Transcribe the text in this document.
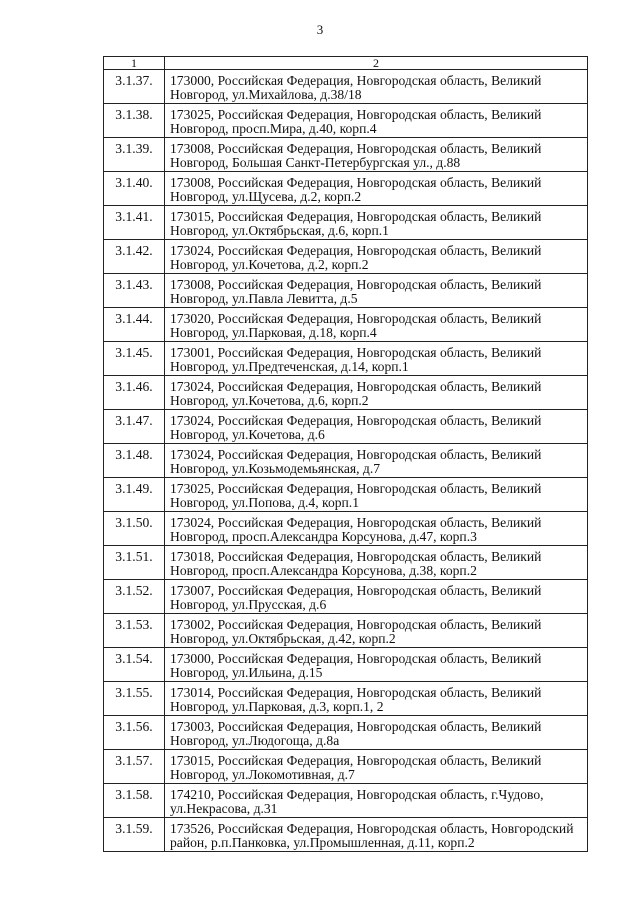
3
1	2
3.1.37.	173000, Российская Федерация, Новгородская область, Великий Новгород, ул.Михайлова, д.38/18
3.1.38.	173025, Российская Федерация, Новгородская область, Великий Новгород, просп.Мира, д.40, корп.4
3.1.39.	173008, Российская Федерация, Новгородская область, Великий Новгород, Большая Санкт-Петербургская ул., д.88
3.1.40.	173008, Российская Федерация, Новгородская область, Великий Новгород, ул.Щусева, д.2, корп.2
3.1.41.	173015, Российская Федерация, Новгородская область, Великий Новгород, ул.Октябрьская, д.6, корп.1
3.1.42.	173024, Российская Федерация, Новгородская область, Великий Новгород, ул.Кочетова, д.2, корп.2
3.1.43.	173008, Российская Федерация, Новгородская область, Великий Новгород, ул.Павла Левитта, д.5
3.1.44.	173020, Российская Федерация, Новгородская область, Великий Новгород, ул.Парковая, д.18, корп.4
3.1.45.	173001, Российская Федерация, Новгородская область, Великий Новгород, ул.Предтеченская, д.14, корп.1
3.1.46.	173024, Российская Федерация, Новгородская область, Великий Новгород, ул.Кочетова, д.6, корп.2
3.1.47.	173024, Российская Федерация, Новгородская область, Великий Новгород, ул.Кочетова, д.6
3.1.48.	173024, Российская Федерация, Новгородская область, Великий Новгород, ул.Козьмодемьянская, д.7
3.1.49.	173025, Российская Федерация, Новгородская область, Великий Новгород, ул.Попова, д.4, корп.1
3.1.50.	173024, Российская Федерация, Новгородская область, Великий Новгород, просп.Александра Корсунова, д.47, корп.3
3.1.51.	173018, Российская Федерация, Новгородская область, Великий Новгород, просп.Александра Корсунова, д.38, корп.2
3.1.52.	173007, Российская Федерация, Новгородская область, Великий Новгород, ул.Прусская, д.6
3.1.53.	173002, Российская Федерация, Новгородская область, Великий Новгород, ул.Октябрьская, д.42, корп.2
3.1.54.	173000, Российская Федерация, Новгородская область, Великий Новгород, ул.Ильина, д.15
3.1.55.	173014, Российская Федерация, Новгородская область, Великий Новгород, ул.Парковая, д.3, корп.1, 2
3.1.56.	173003, Российская Федерация, Новгородская область, Великий Новгород, ул.Людогоща, д.8а
3.1.57.	173015, Российская Федерация, Новгородская область, Великий Новгород, ул.Локомотивная, д.7
3.1.58.	174210, Российская Федерация, Новгородская область, г.Чудово, ул.Некрасова, д.31
3.1.59.	173526, Российская Федерация, Новгородская область, Новгородский район, р.п.Панковка, ул.Промышленная, д.11, корп.2
